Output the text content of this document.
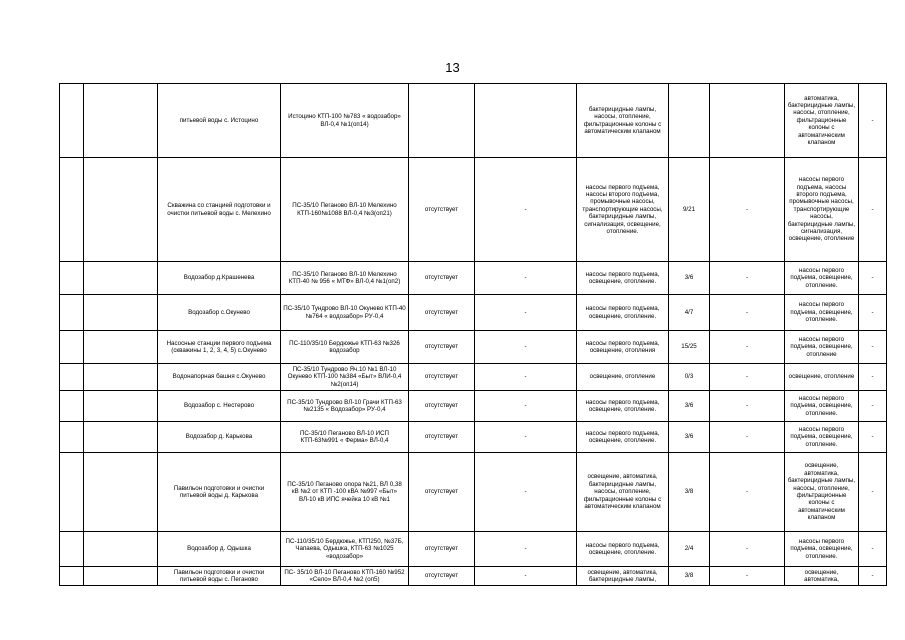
13
		питьевой воды с. Истоцино	Истоцино КТП-100 №783 « водозабор» ВЛ-0,4 №1(оп14)			бактерицидные лампы, насосы, отопление, фильтрационные колоны с автоматическим клапаном			автоматика, бактерицидные лампы, насосы, отопление, фильтрационные колоны с автоматическим клапаном	-
		Скважина со станцией подготовки и очистки питьевой воды с. Мелехино	ПС-35/10 Пеганово ВЛ-10 Мелехино КТП-160№1088 ВЛ-0,4 №3(оп21)	отсутствует	-	насосы первого подъема, насосы второго подъема, промывочные насосы, транспортирующие насосы, бактерицидные лампы, сигнализация, освещение, отопление.	9/21	-	насосы первого подъема, насосы второго подъема, промывочные насосы, транспортирующие насосы, бактерицидные лампы, сигнализация, освещение, отопление	-
		Водозабор д.Крашенева	ПС-35/10 Пеганово ВЛ-10 Мелехино КТП-40 № 956 « МТФ» ВЛ-0,4 №1(оп2)	отсутствует	-	насосы первого подъема, освещение, отопление.	3/6	-	насосы первого подъема, освещение, отопление.	-
		Водозабор с.Окунево	ПС-35/10 Тундрово ВЛ-10 Окунево КТП-40 №764 « водозабор» РУ-0,4	отсутствует	-	насосы первого подъема, освещение, отопление.	4/7	-	насосы первого подъема, освещение, отопление.	-
		Насосные станции первого подъема (скважины 1, 2, 3, 4, 5) с.Окунево	ПС-110/35/10 Бердюжье КТП-63 №326 водозабор	отсутствует	-	насосы первого подъема, освещение, отопления	15/25	-	насосы первого подъема, освещение, отопление	-
		Водонапорная башня с.Окунево	ПС-35/10 Тундрово Яч.10 №1 ВЛ-10 Окунево КТП-100 №384 «Быт» ВЛИ-0,4 №2(оп14)	отсутствует	-	освещение, отопление	0/3	-	освещение, отопление	-
		Водозабор с. Нестерово	ПС-35/10 Тундрово ВЛ-10 Грачи КТП-63 №2135 « Водозабор» РУ-0,4	отсутствует	-	насосы первого подъема, освещение, отопление.	3/6	-	насосы первого подъема, освещение, отопление.	-
		Водозабор д. Карькова	ПС-35/10 Пеганово ВЛ-10 ИСП КТП-63№991 « Ферма» ВЛ-0,4	отсутствует	-	насосы первого подъема, освещение, отопление.	3/6	-	насосы первого подъема, освещение, отопление.	-
		Павильон подготовки и очистки питьевой воды д. Карькова	ПС-35/10 Пеганово опора №21, ВЛ 0,38 кВ №2 от КТП -100 кВА №997 «Быт» ВЛ-10 кВ ИПС ячейка 10 кВ №1	отсутствует	-	освещение, автоматика, бактерицидные лампы, насосы, отопление, фильтрационные колоны с автоматическим клапаном	3/8	-	освещение, автоматика, бактерицидные лампы, насосы, отопление, фильтрационные колоны с автоматическим клапаном	-
		Водозабор д. Одышка	ПС-110/35/10 Бердюжье, КТП250, №37Б, Чапаева, Одышка, КТП-63 №1025 «водозабор»	отсутствует	-	насосы первого подъема, освещение, отопление.	2/4	-	насосы первого подъема, освещение, отопление.	-
		Павильон подготовки и очистки питьевой воды с. Пеганово	ПС- 35/10 ВЛ-10 Пеганово КТП-160 №952 «Село» ВЛ-0,4 №2 (оп5)	отсутствует	-	освещение, автоматика, бактерицидные лампы,	3/8	-	освещение, автоматика,	-
